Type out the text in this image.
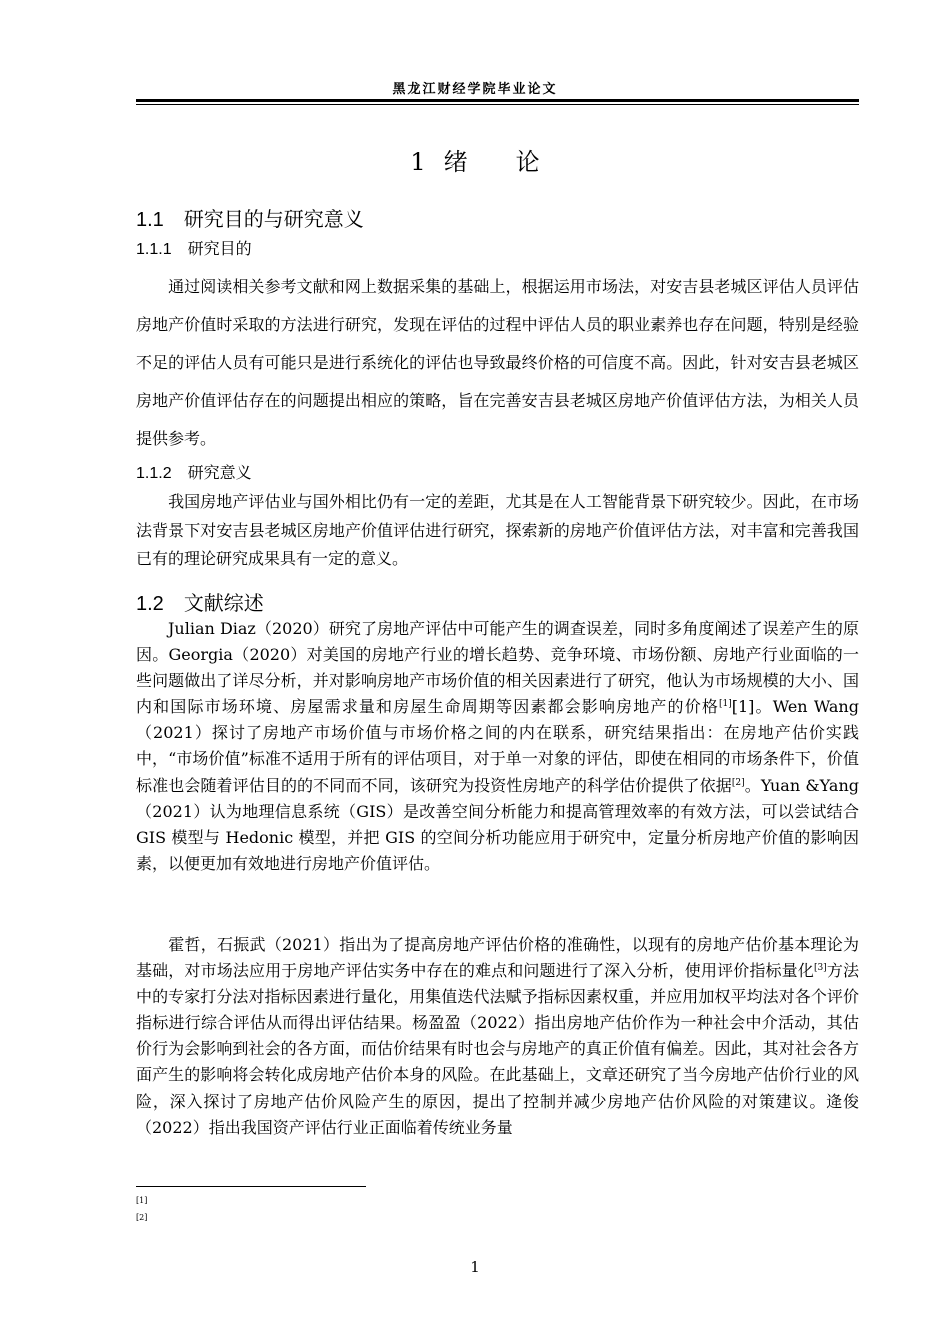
黑龙江财经学院毕业论文
1 绪论
1.1 研究目的与研究意义
1.1.1 研究目的

通过阅读相关参考文献和网上数据采集的基础上，根据运用市场法，对安吉县老城区评估人员评估房地产价值时采取的方法进行研究，发现在评估的过程中评估人员的职业素养也存在问题，特别是经验不足的评估人员有可能只是进行系统化的评估也导致最终价格的可信度不高。因此，针对安吉县老城区房地产价值评估存在的问题提出相应的策略，旨在完善安吉县老城区房地产价值评估方法，为相关人员提供参考。

1.1.2 研究意义

我国房地产评估业与国外相比仍有一定的差距，尤其是在人工智能背景下研究较少。因此，在市场法背景下对安吉县老城区房地产价值评估进行研究，探索新的房地产价值评估方法，对丰富和完善我国已有的理论研究成果具有一定的意义。

1.2 文献综述

Julian Diaz（2020）研究了房地产评估中可能产生的调查误差，同时多角度阐述了误差产生的原因。Georgia（2020）对美国的房地产行业的增长趋势、竞争环境、市场份额、房地产行业面临的一些问题做出了详尽分析，并对影响房地产市场价值的相关因素进行了研究，他认为市场规模的大小、国内和国际市场环境、房屋需求量和房屋生命周期等因素都会影响房地产的价格[1][1]。Wen Wang（2021）探讨了房地产市场价值与市场价格之间的内在联系，研究结果指出：在房地产估价实践中，“市场价值”标准不适用于所有的评估项目，对于单一对象的评估，即使在相同的市场条件下，价值标准也会随着评估目的的不同而不同，该研究为投资性房地产的科学估价提供了依据[2]。Yuan &Yang（2021）认为地理信息系统（GIS）是改善空间分析能力和提高管理效率的有效方法，可以尝试结合 GIS 模型与 Hedonic 模型，并把 GIS 的空间分析功能应用于研究中，定量分析房地产价值的影响因素，以便更加有效地进行房地产价值评估。

霍哲，石振武（2021）指出为了提高房地产评估价格的准确性，以现有的房地产估价基本理论为基础，对市场法应用于房地产评估实务中存在的难点和问题进行了深入分析，使用评价指标量化[3]方法中的专家打分法对指标因素进行量化，用集值迭代法赋予指标因素权重，并应用加权平均法对各个评价指标进行综合评估从而得出评估结果。杨盈盈（2022）指出房地产估价作为一种社会中介活动，其估价行为会影响到社会的各方面，而估价结果有时也会与房地产的真正价值有偏差。因此，其对社会各方面产生的影响将会转化成房地产估价本身的风险。在此基础上，文章还研究了当今房地产估价行业的风险，深入探讨了房地产估价风险产生的原因，提出了控制并减少房地产估价风险的对策建议。逄俊（2022）指出我国资产评估行业正面临着传统业务量

[1]
[2]
1
